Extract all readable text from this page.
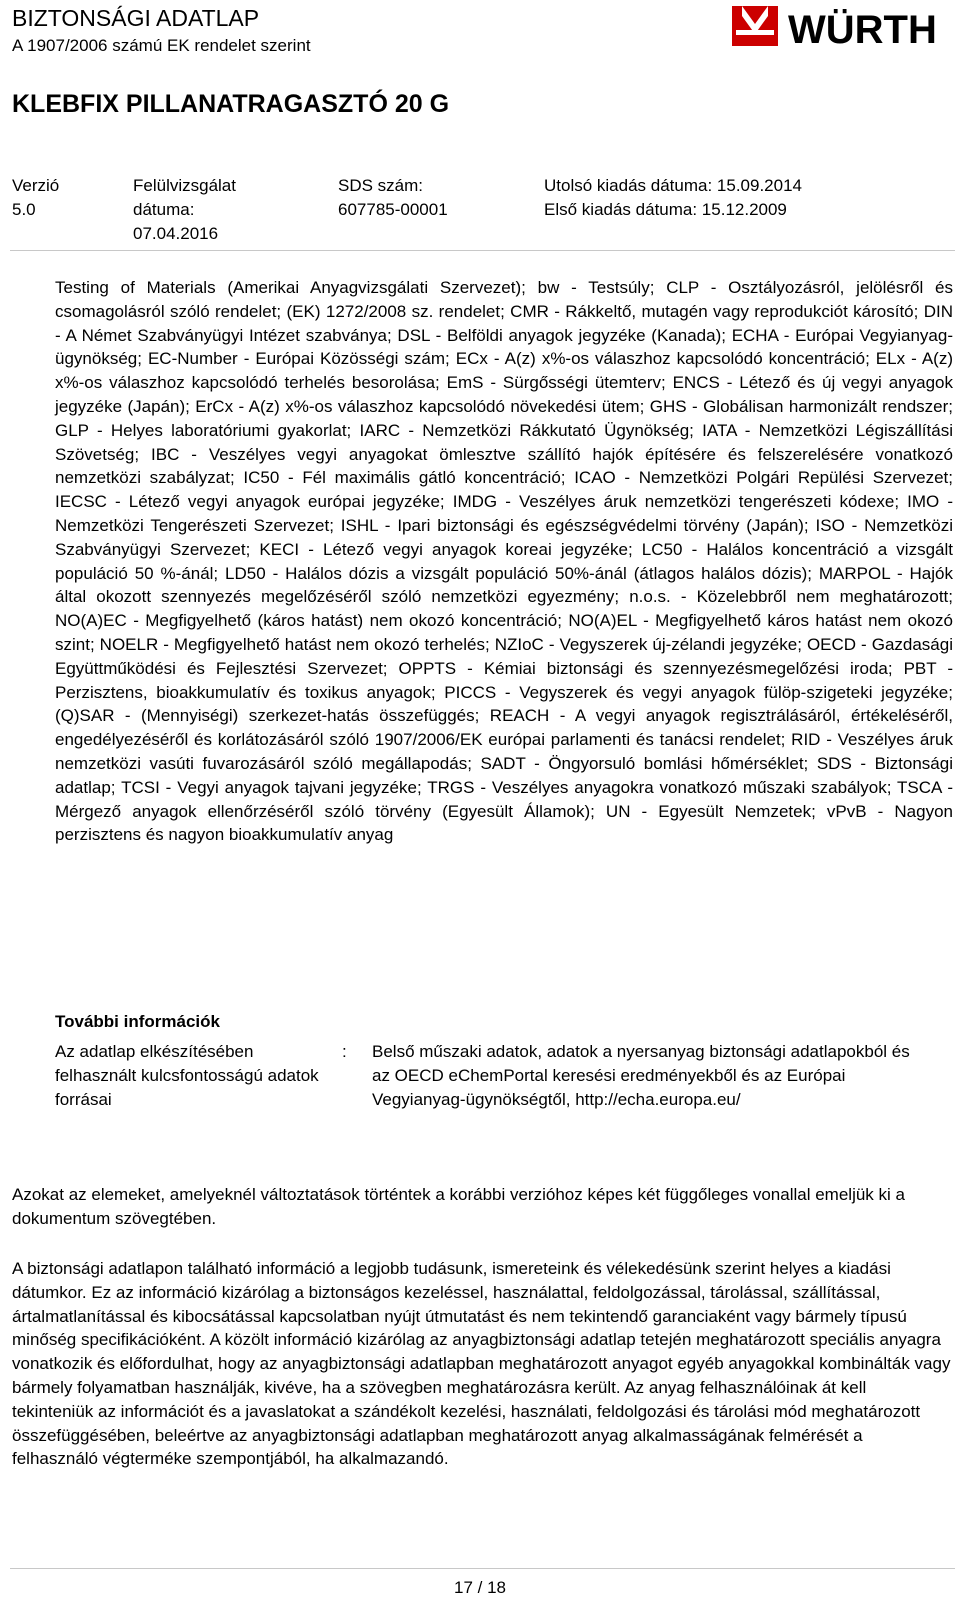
BIZTONSÁGI ADATLAP
A 1907/2006 számú EK rendelet szerint	WÜRTH
KLEBFIX PILLANATRAGASZTÓ 20 G
Verzió
5.0
Felülvizsgálat
dátuma:
07.04.2016
SDS szám:
607785-00001
Utolsó kiadás dátuma: 15.09.2014
Első kiadás dátuma: 15.12.2009
Testing of Materials (Amerikai Anyagvizsgálati Szervezet); bw - Testsúly; CLP - Osztályozásról, jelölésről és csomagolásról szóló rendelet; (EK) 1272/2008 sz. rendelet; CMR - Rákkeltő, mutagén vagy reprodukciót károsító; DIN - A Német Szabványügyi Intézet szabványa; DSL - Belföldi anyagok jegyzéke (Kanada); ECHA - Európai Vegyianyag-ügynökség; EC-Number - Európai Közösségi szám; ECx - A(z) x%-os válaszhoz kapcsolódó koncentráció; ELx - A(z) x%-os válaszhoz kapcsolódó terhelés besorolása; EmS - Sürgősségi ütemterv; ENCS - Létező és új vegyi anyagok jegyzéke (Japán); ErCx - A(z) x%-os válaszhoz kapcsolódó növekedési ütem; GHS - Globálisan harmonizált rendszer; GLP - Helyes laboratóriumi gyakorlat; IARC - Nemzetközi Rákkutató Ügynökség; IATA - Nemzetközi Légiszállítási Szövetség; IBC - Veszélyes vegyi anyagokat ömlesztve szállító hajók építésére és felszerelésére vonatkozó nemzetközi szabályzat; IC50 - Fél maximális gátló koncentráció; ICAO - Nemzetközi Polgári Repülési Szervezet; IECSC - Létező vegyi anyagok európai jegyzéke; IMDG - Veszélyes áruk nemzetközi tengerészeti kódexe; IMO - Nemzetközi Tengerészeti Szervezet; ISHL - Ipari biztonsági és egészségvédelmi törvény (Japán); ISO - Nemzetközi Szabványügyi Szervezet; KECI - Létező vegyi anyagok koreai jegyzéke; LC50 - Halálos koncentráció a vizsgált populáció 50 %-ánál; LD50 - Halálos dózis a vizsgált populáció 50%-ánál (átlagos halálos dózis); MARPOL - Hajók által okozott szennyezés megelőzéséről szóló nemzetközi egyezmény; n.o.s. - Közelebbről nem meghatározott; NO(A)EC - Megfigyelhető (káros hatást) nem okozó koncentráció; NO(A)EL - Megfigyelhető káros hatást nem okozó szint; NOELR - Megfigyelhető hatást nem okozó terhelés; NZIoC - Vegyszerek új-zélandi jegyzéke; OECD - Gazdasági Együttműködési és Fejlesztési Szervezet; OPPTS - Kémiai biztonsági és szennyezésmegelőzési iroda; PBT - Perzisztens, bioakkumulatív és toxikus anyagok; PICCS - Vegyszerek és vegyi anyagok fülöp-szigeteki jegyzéke; (Q)SAR - (Mennyiségi) szerkezet-hatás összefüggés; REACH - A vegyi anyagok regisztrálásáról, értékeléséről, engedélyezéséről és korlátozásáról szóló 1907/2006/EK európai parlamenti és tanácsi rendelet; RID - Veszélyes áruk nemzetközi vasúti fuvarozásáról szóló megállapodás; SADT - Öngyorsuló bomlási hőmérséklet; SDS - Biztonsági adatlap; TCSI - Vegyi anyagok tajvani jegyzéke; TRGS - Veszélyes anyagokra vonatkozó műszaki szabályok; TSCA - Mérgező anyagok ellenőrzéséről szóló törvény (Egyesült Államok); UN - Egyesült Nemzetek; vPvB - Nagyon perzisztens és nagyon bioakkumulatív anyag
További információk
Az adatlap elkészítésében felhasznált kulcsfontosságú adatok forrásai
: Belső műszaki adatok, adatok a nyersanyag biztonsági adatlapokból és az OECD eChemPortal keresési eredményekből és az Európai Vegyianyag-ügynökségtől, http://echa.europa.eu/
Azokat az elemeket, amelyeknél változtatások történtek a korábbi verzióhoz képes két függőleges vonallal emeljük ki a dokumentum szövegtében.
A biztonsági adatlapon található információ a legjobb tudásunk, ismereteink és vélekedésünk szerint helyes a kiadási dátumkor. Ez az információ kizárólag a biztonságos kezeléssel, használattal, feldolgozással, tárolással, szállítással, ártalmatlanítással és kibocsátással kapcsolatban nyújt útmutatást és nem tekintendő garanciaként vagy bármely típusú minőség specifikációként. A közölt információ kizárólag az anyagbiztonsági adatlap tetején meghatározott speciális anyagra vonatkozik és előfordulhat, hogy az anyagbiztonsági adatlapban meghatározott anyagot egyéb anyagokkal kombinálták vagy bármely folyamatban használják, kivéve, ha a szövegben meghatározásra került. Az anyag felhasználóinak át kell tekinteniük az információt és a javaslatokat a szándékolt kezelési, használati, feldolgozási és tárolási mód meghatározott összefüggésében, beleértve az anyagbiztonsági adatlapban meghatározott anyag alkalmasságának felmérését a felhasználó végterméke szempontjából, ha alkalmazandó.
17 / 18
